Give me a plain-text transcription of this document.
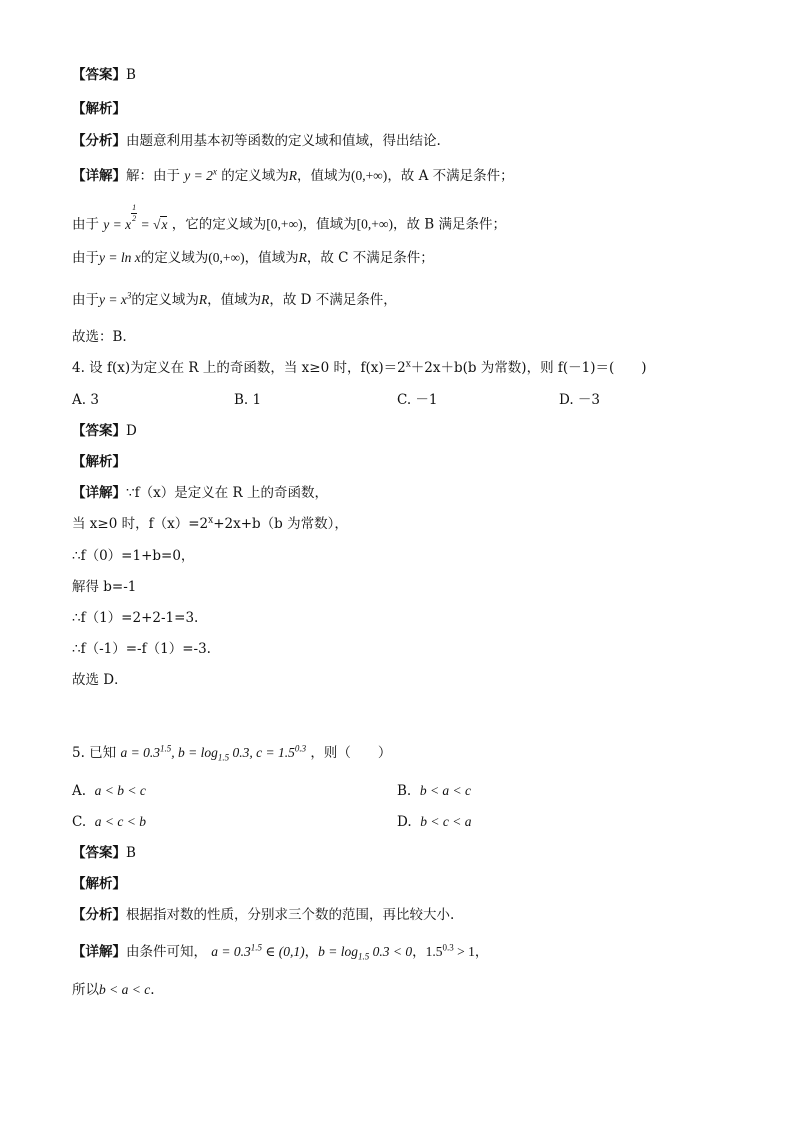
【答案】B
【解析】
【分析】由题意利用基本初等函数的定义域和值域，得出结论.
【详解】解：由于 $y = 2^x$ 的定义域为R，值域为(0,+∞)，故 A 不满足条件；
由于 y = x
$\frac{1}{2}$
= √x ，它的定义域为[0,+∞)，值域为[0,+∞)，故 B 满足条件；
由于y = ln x的定义域为(0,+∞)，值域为R，故 C 不满足条件；
由于$y = x^3$的定义域为R，值域为R，故 D 不满足条件，
故选：B.
4. 设 f(x)为定义在 R 上的奇函数，当 x≥0 时，$f(x)=2^x+2x+b(b$ 为常数)，则 f(－1)＝(　　)
A. 3	B. 1	C. －1	D. －3
【答案】D
【解析】
【详解】∵f（x）是定义在 R 上的奇函数，
当 x≥0 时，$f(x)=2^x+2x+b(b$ 为常数），
∴f（0）=1+b=0，
解得 b=-1
∴f（1）=2+2-1=3.
∴f（-1）=-f（1）=-3.
故选 D．
5. 已知 $a = 0.3^{1.5}$, $b = \log_{1.5} 0.3$, $c = 1.5^{0.3}$ ，则（　　）
A. a < b < c	B. b < a < c
C. a < c < b	D. b < c < a
【答案】B
【解析】
【分析】根据指对数的性质，分别求三个数的范围，再比较大小.
【详解】由条件可知， $a = 0.3^{1.5}$ ∈ (0,1)，$b = \log_{1.5} 0.3 < 0$，$1.5^{0.3} > 1$，
所以b < a < c.
